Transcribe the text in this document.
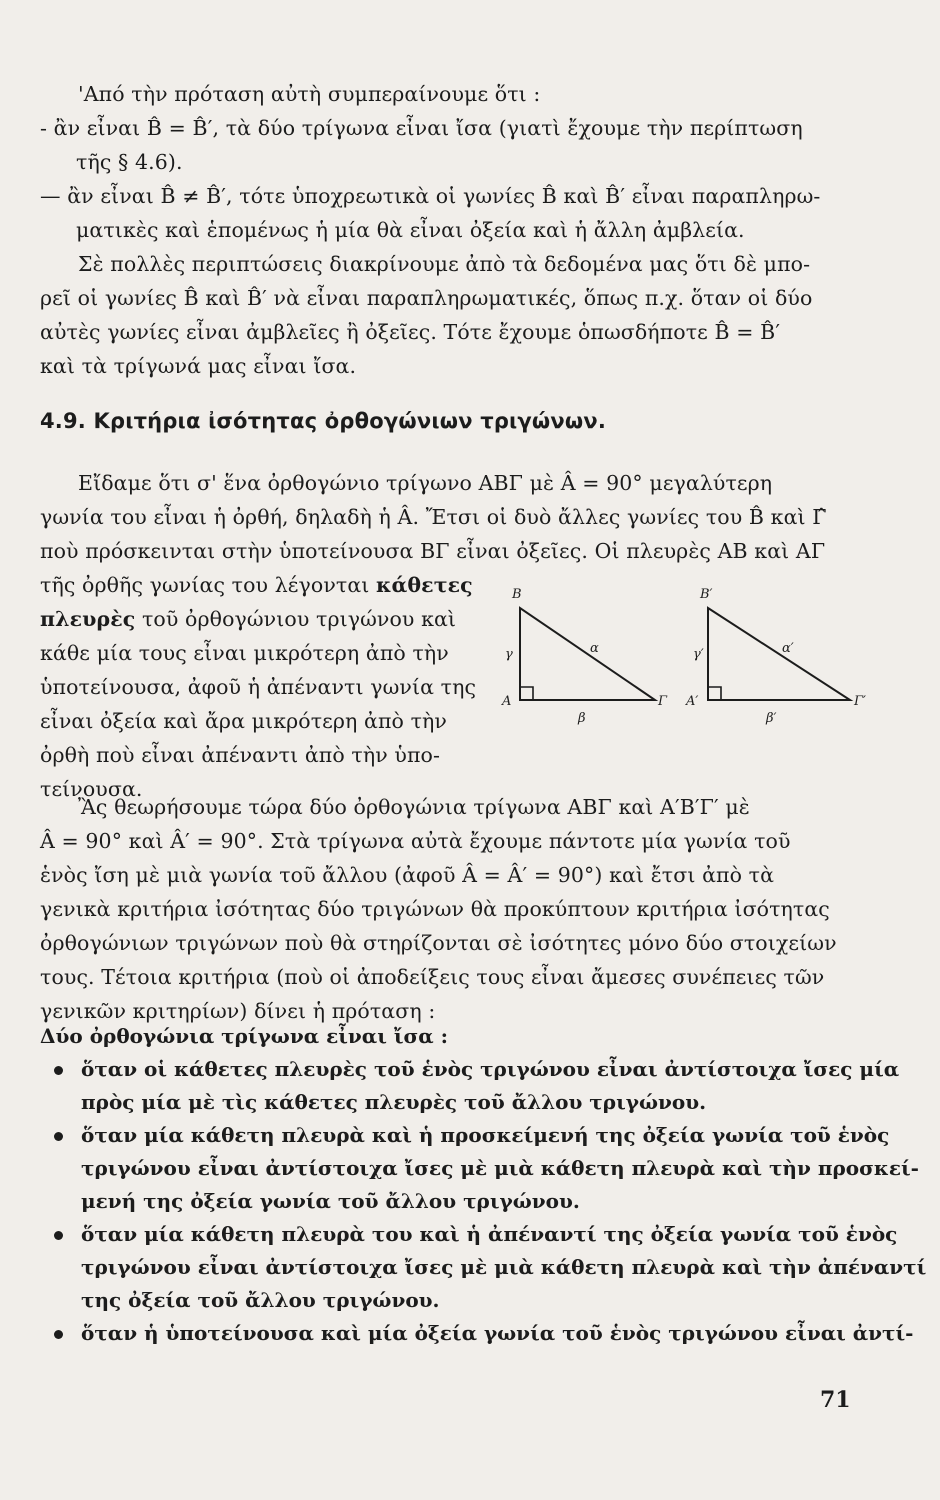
'Από τὴν πρόταση αὐτὴ συμπεραίνουμε ὅτι :
- ἂν εἶναι B̂ = B̂′, τὰ δύο τρίγωνα εἶναι ἴσα (γιατὶ ἔχουμε τὴν περίπτωση
τῆς § 4.6).
— ἂν εἶναι B̂ ≠ B̂′, τότε ὑποχρεωτικὰ οἱ γωνίες B̂ καὶ B̂′ εἶναι παραπληρω-
ματικὲς καὶ ἑπομένως ἡ μία θὰ εἶναι ὀξεία καὶ ἡ ἄλλη ἀμβλεία.
Σὲ πολλὲς περιπτώσεις διακρίνουμε ἀπὸ τὰ δεδομένα μας ὅτι δὲ μπο-
ρεῖ οἱ γωνίες B̂ καὶ B̂′ νὰ εἶναι παραπληρωματικές, ὅπως π.χ. ὅταν οἱ δύο
αὐτὲς γωνίες εἶναι ἀμβλεῖες ἢ ὀξεῖες. Τότε ἔχουμε ὁπωσδήποτε B̂ = B̂′
καὶ τὰ τρίγωνά μας εἶναι ἴσα.
4.9. Κριτήρια ἰσότητας ὀρθογώνιων τριγώνων.
Εἴδαμε ὅτι σ' ἕνα ὀρθογώνιο τρίγωνο ΑΒΓ μὲ Â = 90° μεγαλύτερη
γωνία του εἶναι ἡ ὀρθή, δηλαδὴ ἡ Â. Ἔτσι οἱ δυὸ ἄλλες γωνίες του B̂ καὶ Γ̂
ποὺ πρόσκεινται στὴν ὑποτείνουσα ΒΓ εἶναι ὀξεῖες. Οἱ πλευρὲς ΑΒ καὶ ΑΓ
τῆς ὀρθῆς γωνίας του λέγονται κάθετες
πλευρὲς τοῦ ὀρθογώνιου τριγώνου καὶ
κάθε μία τους εἶναι μικρότερη ἀπὸ τὴν
ὑποτείνουσα, ἀφοῦ ἡ ἀπέναντι γωνία της
εἶναι ὀξεία καὶ ἄρα μικρότερη ἀπὸ τὴν
ὀρθὴ ποὺ εἶναι ἀπέναντι ἀπὸ τὴν ὑπο-
τείνουσα.
B
A	Γ
α
β
γ
B′
A′	Γ′
α′
β′
γ′
Ἂς θεωρήσουμε τώρα δύο ὀρθογώνια τρίγωνα ΑΒΓ καὶ Α′Β′Γ′ μὲ
Â = 90° καὶ Â′ = 90°. Στὰ τρίγωνα αὐτὰ ἔχουμε πάντοτε μία γωνία τοῦ
ἑνὸς ἴση μὲ μιὰ γωνία τοῦ ἄλλου (ἀφοῦ Â = Â′ = 90°) καὶ ἔτσι ἀπὸ τὰ
γενικὰ κριτήρια ἰσότητας δύο τριγώνων θὰ προκύπτουν κριτήρια ἰσότητας
ὀρθογώνιων τριγώνων ποὺ θὰ στηρίζονται σὲ ἰσότητες μόνο δύο στοιχείων
τους. Τέτοια κριτήρια (ποὺ οἱ ἀποδείξεις τους εἶναι ἄμεσες συνέπειες τῶν
γενικῶν κριτηρίων) δίνει ἡ πρόταση :
Δύο ὀρθογώνια τρίγωνα εἶναι ἴσα :
ὅταν οἱ κάθετες πλευρὲς τοῦ ἑνὸς τριγώνου εἶναι ἀντίστοιχα ἴσες μία
πρὸς μία μὲ τὶς κάθετες πλευρὲς τοῦ ἄλλου τριγώνου.
ὅταν μία κάθετη πλευρὰ καὶ ἡ προσκείμενή της ὀξεία γωνία τοῦ ἑνὸς
τριγώνου εἶναι ἀντίστοιχα ἴσες μὲ μιὰ κάθετη πλευρὰ καὶ τὴν προσκεί-
μενή της ὀξεία γωνία τοῦ ἄλλου τριγώνου.
ὅταν μία κάθετη πλευρὰ του καὶ ἡ ἀπέναντί της ὀξεία γωνία τοῦ ἑνὸς
τριγώνου εἶναι ἀντίστοιχα ἴσες μὲ μιὰ κάθετη πλευρὰ καὶ τὴν ἀπέναντί
της ὀξεία τοῦ ἄλλου τριγώνου.
ὅταν ἡ ὑποτείνουσα καὶ μία ὀξεία γωνία τοῦ ἑνὸς τριγώνου εἶναι ἀντί-
71
